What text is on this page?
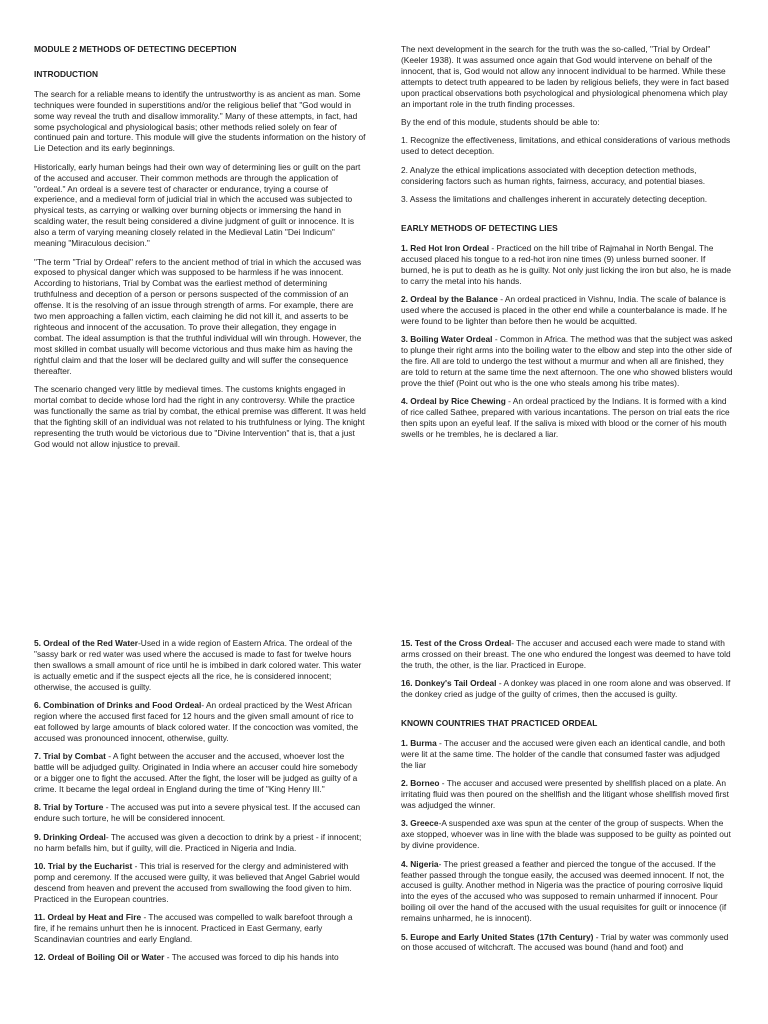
MODULE 2 METHODS OF DETECTING DECEPTION
INTRODUCTION

The search for a reliable means to identify the untrustworthy is as ancient as man. Some techniques were founded in superstitions and/or the religious belief that "God would in some way reveal the truth and disallow immorality." Many of these attempts, in fact, had some psychological and physiological basis; other methods relied solely on fear of continued pain and torture. This module will give the students information on the history of Lie Detection and its early beginnings.

Historically, early human beings had their own way of determining lies or guilt on the part of the accused and accuser. Their common methods are through the application of "ordeal." An ordeal is a severe test of character or endurance, trying a course of experience, and a medieval form of judicial trial in which the accused was subjected to physical tests, as carrying or walking over burning objects or immersing the hand in scalding water, the result being considered a divine judgment of guilt or innocence. It is also a term of varying meaning closely related in the Medieval Latin "Dei Indicum" meaning "Miraculous decision."

"The term "Trial by Ordeal" refers to the ancient method of trial in which the accused was exposed to physical danger which was supposed to be harmless if he was innocent. According to historians, Trial by Combat was the earliest method of determining truthfulness and deception of a person or persons suspected of the commission of an offense. It is the resolving of an issue through strength of arms. For example, there are two men approaching a fallen victim, each claiming he did not kill it, and asserts to be righteous and innocent of the accusation. To prove their allegation, they engage in combat. The ideal assumption is that the truthful individual will win through. However, the most skilled in combat usually will become victorious and thus make him as having the rightful claim and that the loser will be declared guilty and will suffer the consequence thereafter.

The scenario changed very little by medieval times. The customs knights engaged in mortal combat to decide whose lord had the right in any controversy. While the practice was functionally the same as trial by combat, the ethical premise was different. It was held that the fighting skill of an individual was not related to his truthfulness or lying. The knight representing the truth would be victorious due to "Divine Intervention" that is, that a just God would not allow injustice to prevail.

The next development in the search for the truth was the so-called, "Trial by Ordeal" (Keeler 1938). It was assumed once again that God would intervene on behalf of the innocent, that is, God would not allow any innocent individual to be harmed. While these attempts to detect truth appeared to be laden by religious beliefs, they were in fact based upon practical observations both psychological and physiological phenomena which play an important role in the truth finding processes.

By the end of this module, students should be able to:

1. Recognize the effectiveness, limitations, and ethical considerations of various methods used to detect deception.

2. Analyze the ethical implications associated with deception detection methods, considering factors such as human rights, fairness, accuracy, and potential biases.

3. Assess the limitations and challenges inherent in accurately detecting deception.

EARLY METHODS OF DETECTING LIES

1. Red Hot Iron Ordeal - Practiced on the hill tribe of Rajmahal in North Bengal. The accused placed his tongue to a red-hot iron nine times (9) unless burned sooner. If burned, he is put to death as he is guilty. Not only just licking the iron but also, he is made to carry the metal into his hands.

2. Ordeal by the Balance - An ordeal practiced in Vishnu, India. The scale of balance is used where the accused is placed in the other end while a counterbalance is made. If he were found to be lighter than before then he would be acquitted.

3. Boiling Water Ordeal - Common in Africa. The method was that the subject was asked to plunge their right arms into the boiling water to the elbow and step into the other side of the fire. All are told to undergo the test without a murmur and when all are finished, they are told to return at the same time the next afternoon. The one who showed blisters would prove the thief (Point out who is the one who steals among his tribe mates).

4. Ordeal by Rice Chewing - An ordeal practiced by the Indians. It is formed with a kind of rice called Sathee, prepared with various incantations. The person on trial eats the rice then spits upon an eyeful leaf. If the saliva is mixed with blood or the corner of his mouth swells or he trembles, he is declared a liar.

5. Ordeal of the Red Water-Used in a wide region of Eastern Africa. The ordeal of the "sassy bark or red water was used where the accused is made to fast for twelve hours then swallows a small amount of rice until he is imbibed in dark colored water. This water is actually emetic and if the suspect ejects all the rice, he is considered innocent; otherwise, the accused is guilty.

6. Combination of Drinks and Food Ordeal- An ordeal practiced by the West African region where the accused first faced for 12 hours and the given small amount of rice to eat followed by large amounts of black colored water. If the concoction was vomited, the accused was pronounced innocent, otherwise, guilty.

7. Trial by Combat - A fight between the accuser and the accused, whoever lost the battle will be adjudged guilty. Originated in India where an accuser could hire somebody or a bigger one to fight the accused. After the fight, the loser will be judged as guilty of a crime. It became the legal ordeal in England during the time of "King Henry III."

8. Trial by Torture - The accused was put into a severe physical test. If the accused can endure such torture, he will be considered innocent.

9. Drinking Ordeal- The accused was given a decoction to drink by a priest - if innocent; no harm befalls him, but if guilty, will die. Practiced in Nigeria and India.

10. Trial by the Eucharist - This trial is reserved for the clergy and administered with pomp and ceremony. If the accused were guilty, it was believed that Angel Gabriel would descend from heaven and prevent the accused from swallowing the food given to him. Practiced in the European countries.

11. Ordeal by Heat and Fire - The accused was compelled to walk barefoot through a fire, if he remains unhurt then he is innocent. Practiced in East Germany, early Scandinavian countries and early England.

12. Ordeal of Boiling Oil or Water - The accused was forced to dip his hands into

15. Test of the Cross Ordeal- The accuser and accused each were made to stand with arms crossed on their breast. The one who endured the longest was deemed to have told the truth, the other, is the liar. Practiced in Europe.

16. Donkey's Tail Ordeal - A donkey was placed in one room alone and was observed. If the donkey cried as judge of the guilty of crimes, then the accused is guilty.

KNOWN COUNTRIES THAT PRACTICED ORDEAL

1. Burma - The accuser and the accused were given each an identical candle, and both were lit at the same time. The holder of the candle that consumed faster was adjudged the liar

2. Borneo - The accuser and accused were presented by shellfish placed on a plate. An irritating fluid was then poured on the shellfish and the litigant whose shellfish moved first was adjudged the winner.

3. Greece-A suspended axe was spun at the center of the group of suspects. When the axe stopped, whoever was in line with the blade was supposed to be guilty as pointed out by divine providence.

4. Nigeria- The priest greased a feather and pierced the tongue of the accused. If the feather passed through the tongue easily, the accused was deemed innocent. If not, the accused is guilty. Another method in Nigeria was the practice of pouring corrosive liquid into the eyes of the accused who was supposed to remain unharmed if innocent. Pour boiling oil over the hand of the accused with the usual requisites for guilt or innocence (if remains unharmed, he is innocent).

5. Europe and Early United States (17th Century) - Trial by water was commonly used on those accused of witchcraft. The accused was bound (hand and foot) and
